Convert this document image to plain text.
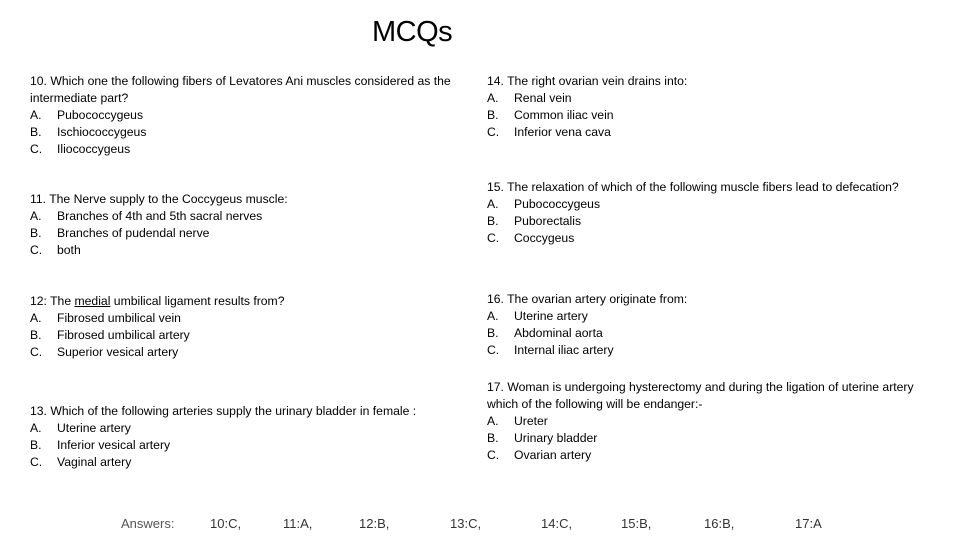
MCQs
10. Which one the following fibers of Levatores Ani muscles considered as the intermediate part?
A. Pubococcygeus
B. Ischiococcygeus
C. Iliococcygeus
11. The Nerve supply to the Coccygeus muscle:
A. Branches of 4th and 5th sacral nerves
B. Branches of pudendal nerve
C. both
12: The medial umbilical ligament results from?
A. Fibrosed umbilical vein
B. Fibrosed umbilical artery
C. Superior vesical artery
13. Which of the following arteries supply the urinary bladder in female :
A. Uterine artery
B. Inferior vesical artery
C. Vaginal artery
14. The right ovarian vein drains into:
A. Renal vein
B. Common iliac vein
C. Inferior vena cava
15. The relaxation of which of the following muscle fibers lead to defecation?
A. Pubococcygeus
B. Puborectalis
C. Coccygeus
16. The ovarian artery originate from:
A. Uterine artery
B. Abdominal aorta
C. Internal iliac artery
17. Woman is undergoing hysterectomy and during the ligation of uterine artery which of the following will be endanger:-
A. Ureter
B. Urinary bladder
C. Ovarian artery
Answers:	10:C,	11:A,	12:B,	13:C,	14:C,	15:B,	16:B,	17:A
